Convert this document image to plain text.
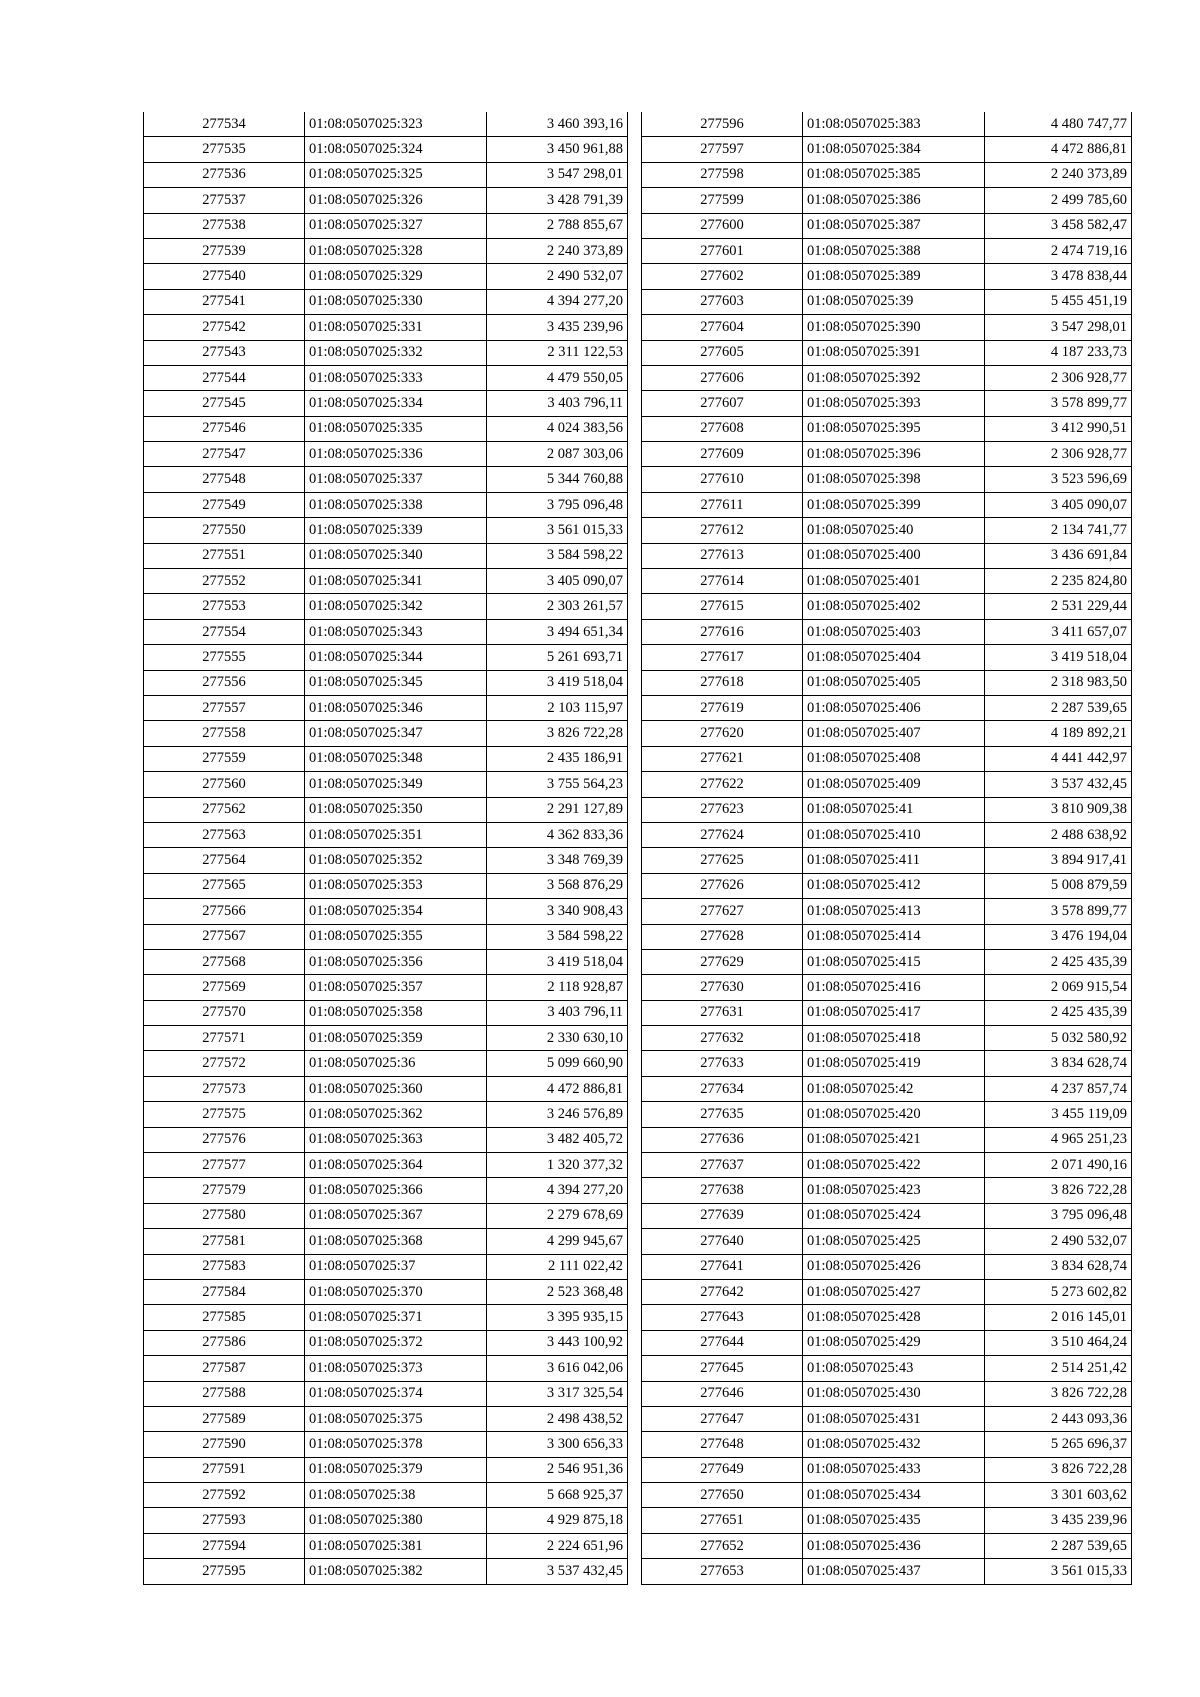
277534	01:08:0507025:323	3 460 393,16
277535	01:08:0507025:324	3 450 961,88
277536	01:08:0507025:325	3 547 298,01
277537	01:08:0507025:326	3 428 791,39
277538	01:08:0507025:327	2 788 855,67
277539	01:08:0507025:328	2 240 373,89
277540	01:08:0507025:329	2 490 532,07
277541	01:08:0507025:330	4 394 277,20
277542	01:08:0507025:331	3 435 239,96
277543	01:08:0507025:332	2 311 122,53
277544	01:08:0507025:333	4 479 550,05
277545	01:08:0507025:334	3 403 796,11
277546	01:08:0507025:335	4 024 383,56
277547	01:08:0507025:336	2 087 303,06
277548	01:08:0507025:337	5 344 760,88
277549	01:08:0507025:338	3 795 096,48
277550	01:08:0507025:339	3 561 015,33
277551	01:08:0507025:340	3 584 598,22
277552	01:08:0507025:341	3 405 090,07
277553	01:08:0507025:342	2 303 261,57
277554	01:08:0507025:343	3 494 651,34
277555	01:08:0507025:344	5 261 693,71
277556	01:08:0507025:345	3 419 518,04
277557	01:08:0507025:346	2 103 115,97
277558	01:08:0507025:347	3 826 722,28
277559	01:08:0507025:348	2 435 186,91
277560	01:08:0507025:349	3 755 564,23
277562	01:08:0507025:350	2 291 127,89
277563	01:08:0507025:351	4 362 833,36
277564	01:08:0507025:352	3 348 769,39
277565	01:08:0507025:353	3 568 876,29
277566	01:08:0507025:354	3 340 908,43
277567	01:08:0507025:355	3 584 598,22
277568	01:08:0507025:356	3 419 518,04
277569	01:08:0507025:357	2 118 928,87
277570	01:08:0507025:358	3 403 796,11
277571	01:08:0507025:359	2 330 630,10
277572	01:08:0507025:36	5 099 660,90
277573	01:08:0507025:360	4 472 886,81
277575	01:08:0507025:362	3 246 576,89
277576	01:08:0507025:363	3 482 405,72
277577	01:08:0507025:364	1 320 377,32
277579	01:08:0507025:366	4 394 277,20
277580	01:08:0507025:367	2 279 678,69
277581	01:08:0507025:368	4 299 945,67
277583	01:08:0507025:37	2 111 022,42
277584	01:08:0507025:370	2 523 368,48
277585	01:08:0507025:371	3 395 935,15
277586	01:08:0507025:372	3 443 100,92
277587	01:08:0507025:373	3 616 042,06
277588	01:08:0507025:374	3 317 325,54
277589	01:08:0507025:375	2 498 438,52
277590	01:08:0507025:378	3 300 656,33
277591	01:08:0507025:379	2 546 951,36
277592	01:08:0507025:38	5 668 925,37
277593	01:08:0507025:380	4 929 875,18
277594	01:08:0507025:381	2 224 651,96
277595	01:08:0507025:382	3 537 432,45
277596	01:08:0507025:383	4 480 747,77
277597	01:08:0507025:384	4 472 886,81
277598	01:08:0507025:385	2 240 373,89
277599	01:08:0507025:386	2 499 785,60
277600	01:08:0507025:387	3 458 582,47
277601	01:08:0507025:388	2 474 719,16
277602	01:08:0507025:389	3 478 838,44
277603	01:08:0507025:39	5 455 451,19
277604	01:08:0507025:390	3 547 298,01
277605	01:08:0507025:391	4 187 233,73
277606	01:08:0507025:392	2 306 928,77
277607	01:08:0507025:393	3 578 899,77
277608	01:08:0507025:395	3 412 990,51
277609	01:08:0507025:396	2 306 928,77
277610	01:08:0507025:398	3 523 596,69
277611	01:08:0507025:399	3 405 090,07
277612	01:08:0507025:40	2 134 741,77
277613	01:08:0507025:400	3 436 691,84
277614	01:08:0507025:401	2 235 824,80
277615	01:08:0507025:402	2 531 229,44
277616	01:08:0507025:403	3 411 657,07
277617	01:08:0507025:404	3 419 518,04
277618	01:08:0507025:405	2 318 983,50
277619	01:08:0507025:406	2 287 539,65
277620	01:08:0507025:407	4 189 892,21
277621	01:08:0507025:408	4 441 442,97
277622	01:08:0507025:409	3 537 432,45
277623	01:08:0507025:41	3 810 909,38
277624	01:08:0507025:410	2 488 638,92
277625	01:08:0507025:411	3 894 917,41
277626	01:08:0507025:412	5 008 879,59
277627	01:08:0507025:413	3 578 899,77
277628	01:08:0507025:414	3 476 194,04
277629	01:08:0507025:415	2 425 435,39
277630	01:08:0507025:416	2 069 915,54
277631	01:08:0507025:417	2 425 435,39
277632	01:08:0507025:418	5 032 580,92
277633	01:08:0507025:419	3 834 628,74
277634	01:08:0507025:42	4 237 857,74
277635	01:08:0507025:420	3 455 119,09
277636	01:08:0507025:421	4 965 251,23
277637	01:08:0507025:422	2 071 490,16
277638	01:08:0507025:423	3 826 722,28
277639	01:08:0507025:424	3 795 096,48
277640	01:08:0507025:425	2 490 532,07
277641	01:08:0507025:426	3 834 628,74
277642	01:08:0507025:427	5 273 602,82
277643	01:08:0507025:428	2 016 145,01
277644	01:08:0507025:429	3 510 464,24
277645	01:08:0507025:43	2 514 251,42
277646	01:08:0507025:430	3 826 722,28
277647	01:08:0507025:431	2 443 093,36
277648	01:08:0507025:432	5 265 696,37
277649	01:08:0507025:433	3 826 722,28
277650	01:08:0507025:434	3 301 603,62
277651	01:08:0507025:435	3 435 239,96
277652	01:08:0507025:436	2 287 539,65
277653	01:08:0507025:437	3 561 015,33
